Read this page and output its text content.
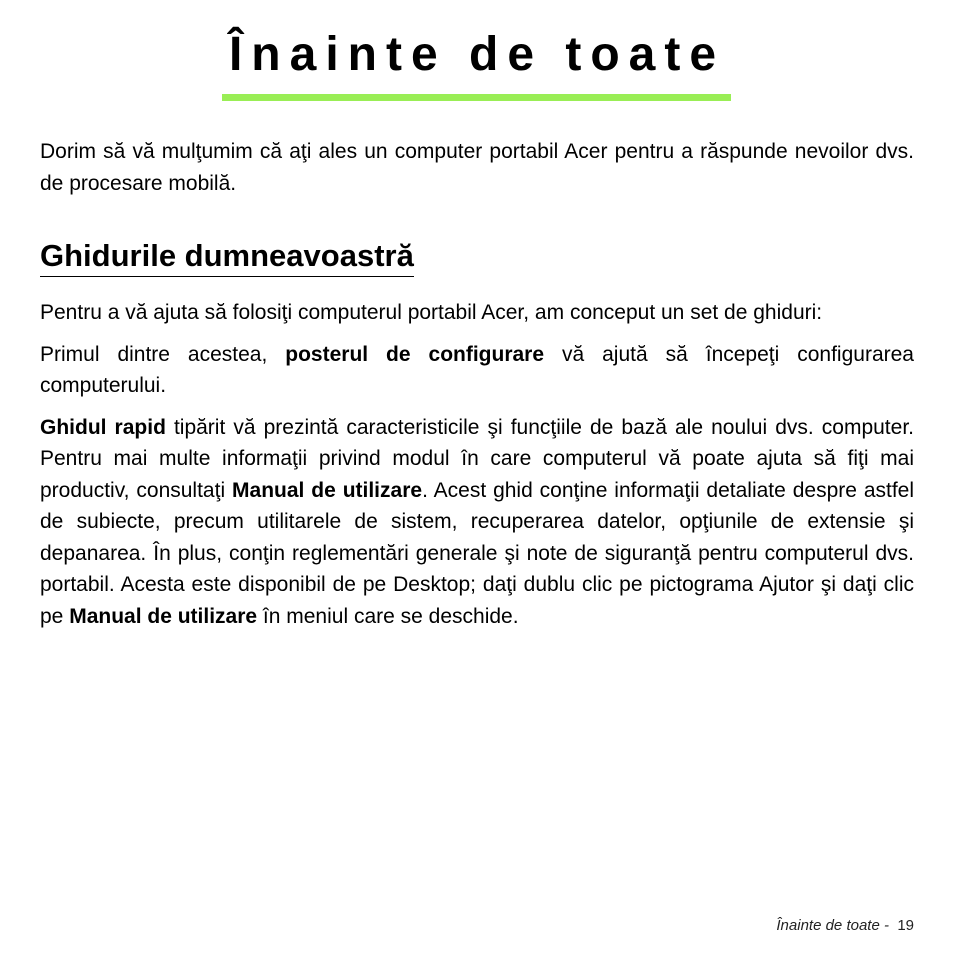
Înainte de toate

Dorim să vă mulţumim că aţi ales un computer portabil Acer pentru a răspunde nevoilor dvs. de procesare mobilă.

Ghidurile dumneavoastră

Pentru a vă ajuta să folosiţi computerul portabil Acer, am conceput un set de ghiduri:

Primul dintre acestea, posterul de configurare vă ajută să începeţi configurarea computerului.

Ghidul rapid tipărit vă prezintă caracteristicile şi funcţiile de bază ale noului dvs. computer. Pentru mai multe informaţii privind modul în care computerul vă poate ajuta să fiţi mai productiv, consultaţi Manual de utilizare. Acest ghid conţine informaţii detaliate despre astfel de subiecte, precum utilitarele de sistem, recuperarea datelor, opţiunile de extensie şi depanarea. În plus, conţin reglementări generale şi note de siguranţă pentru computerul dvs. portabil. Acesta este disponibil de pe Desktop; daţi dublu clic pe pictograma Ajutor şi daţi clic pe Manual de utilizare în meniul care se deschide.

Înainte de toate -  19
